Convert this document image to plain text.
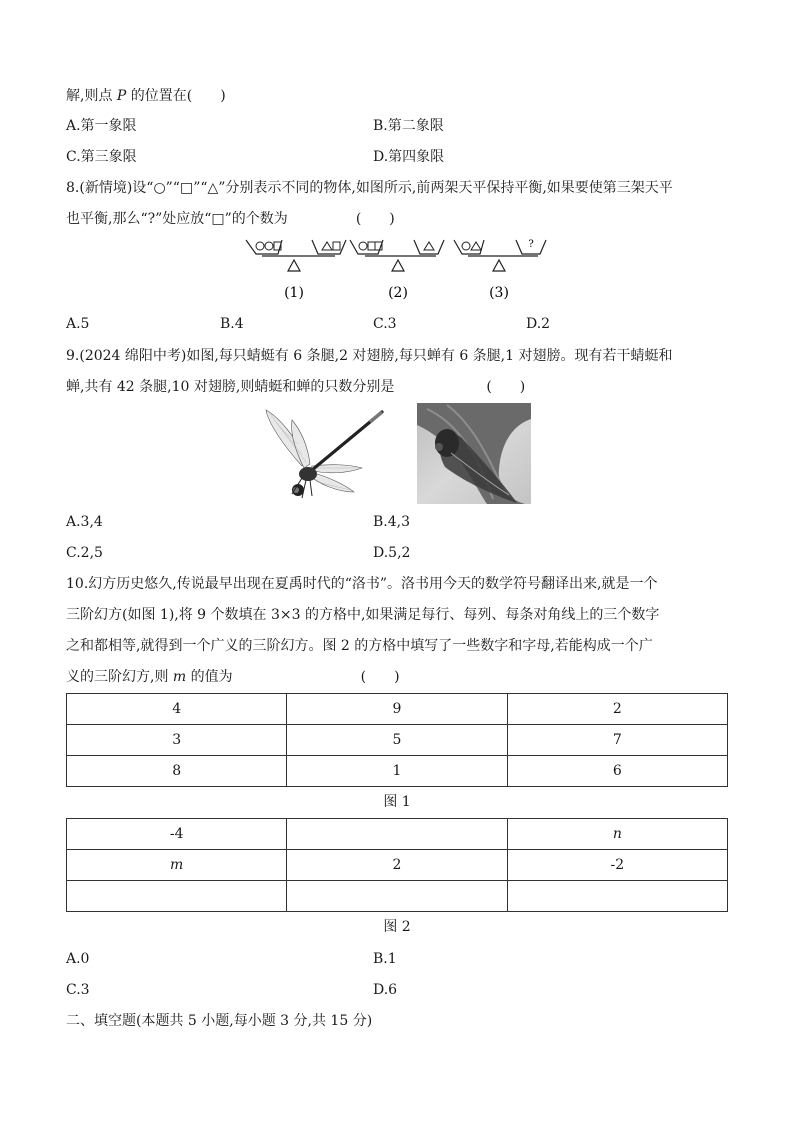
解,则点 P 的位置在(　　)
A.第一象限	B.第二象限
C.第三象限	D.第四象限
8.(新情境)设“○”“□”“△”分别表示不同的物体,如图所示,前两架天平保持平衡,如果要使第三架天平
也平衡,那么“?”处应放“□”的个数为	(　　)
(1)	(2)
?
(3)
A.5	B.4	C.3	D.2
9.(2024 绵阳中考)如图,每只蜻蜓有 6 条腿,2 对翅膀,每只蝉有 6 条腿,1 对翅膀。现有若干蜻蜓和
蝉,共有 42 条腿,10 对翅膀,则蜻蜓和蝉的只数分别是	(　　)
A.3,4	B.4,3
C.2,5	D.5,2
10.幻方历史悠久,传说最早出现在夏禹时代的“洛书”。洛书用今天的数学符号翻译出来,就是一个
三阶幻方(如图 1),将 9 个数填在 3×3 的方格中,如果满足每行、每列、每条对角线上的三个数字
之和都相等,就得到一个广义的三阶幻方。图 2 的方格中填写了一些数字和字母,若能构成一个广
义的三阶幻方,则 m 的值为	(　　)
4	9	2
3	5	7
8	1	6
图 1
-4		n
m	2	-2

图 2
A.0	B.1
C.3	D.6
二、填空题(本题共 5 小题,每小题 3 分,共 15 分)
